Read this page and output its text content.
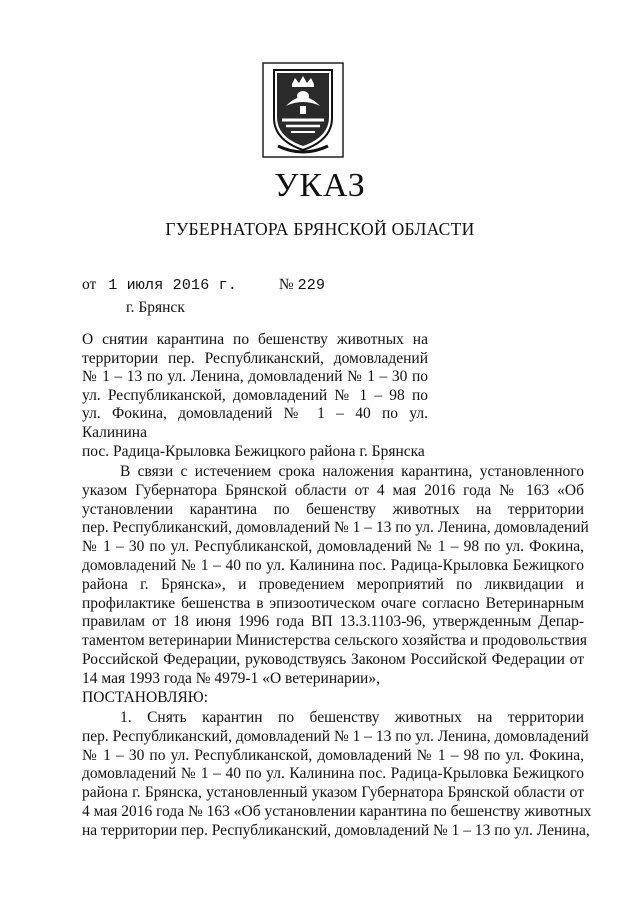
УКАЗ
ГУБЕРНАТОРА БРЯНСКОЙ ОБЛАСТИ
от 1 июля 2016 г.	№ 229
г. Брянск
О снятии карантина по бешенству животных на
территории пер. Республиканский, домовладений
№ 1 – 13 по ул. Ленина, домовладений № 1 – 30 по
ул. Республиканской, домовладений № 1 – 98 по
ул. Фокина, домовладений № 1 – 40 по ул. Калинина
пос. Радица-Крыловка Бежицкого района г. Брянска
В связи с истечением срока наложения карантина, установленного
указом Губернатора Брянской области от 4 мая 2016 года № 163 «Об
установлении карантина по бешенству животных на территории
пер. Республиканский, домовладений № 1 – 13 по ул. Ленина, домовладений
№ 1 – 30 по ул. Республиканской, домовладений № 1 – 98 по ул. Фокина,
домовладений № 1 – 40 по ул. Калинина пос. Радица-Крыловка Бежицкого
района г. Брянска», и проведением мероприятий по ликвидации и
профилактике бешенства в эпизоотическом очаге согласно Ветеринарным
правилам от 18 июня 1996 года ВП 13.3.1103-96, утвержденным Депар-
таментом ветеринарии Министерства сельского хозяйства и продовольствия
Российской Федерации, руководствуясь Законом Российской Федерации от
14 мая 1993 года № 4979-1 «О ветеринарии»,
ПОСТАНОВЛЯЮ:
1. Снять карантин по бешенству животных на территории
пер. Республиканский, домовладений № 1 – 13 по ул. Ленина, домовладений
№ 1 – 30 по ул. Республиканской, домовладений № 1 – 98 по ул. Фокина,
домовладений № 1 – 40 по ул. Калинина пос. Радица-Крыловка Бежицкого
района г. Брянска, установленный указом Губернатора Брянской области от
4 мая 2016 года № 163 «Об установлении карантина по бешенству животных
на территории пер. Республиканский, домовладений № 1 – 13 по ул. Ленина,
